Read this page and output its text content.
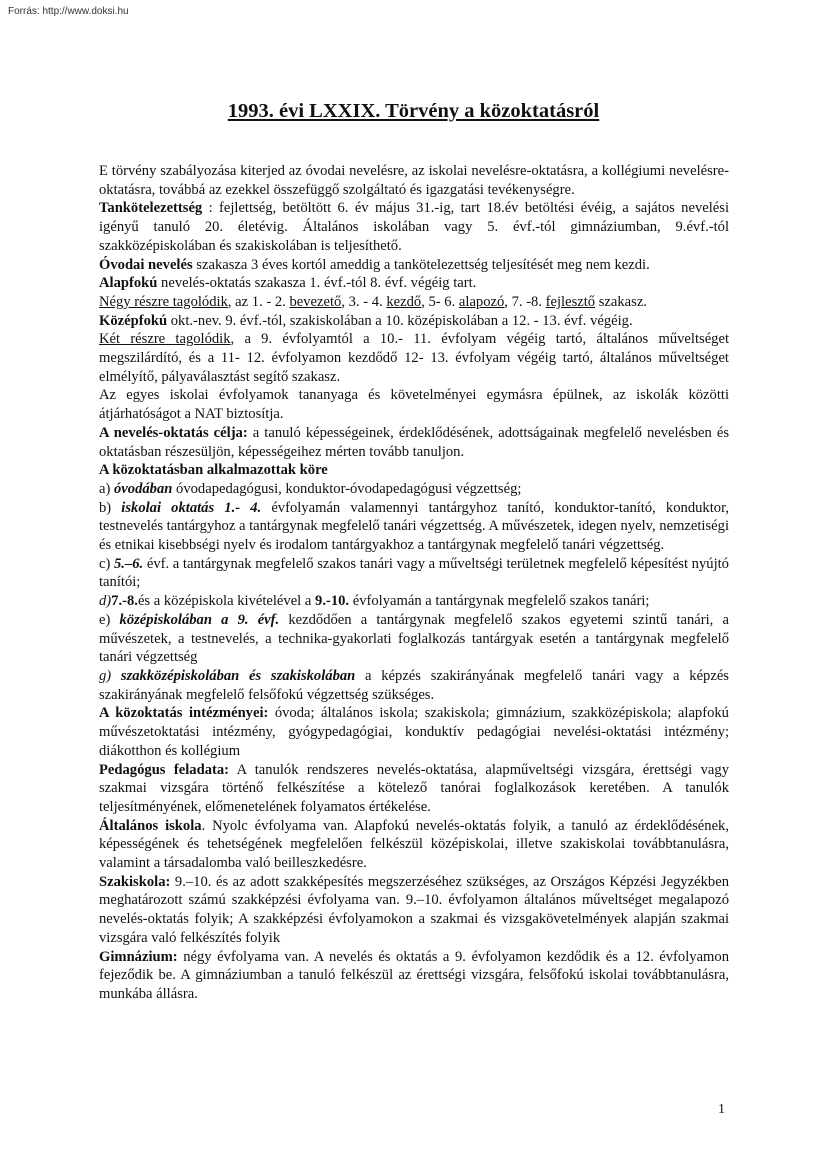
Forrás: http://www.doksi.hu
1993. évi LXXIX. Törvény a közoktatásról

E törvény szabályozása kiterjed az óvodai nevelésre, az iskolai nevelésre-oktatásra, a kollégiumi nevelésre-oktatásra, továbbá az ezekkel összefüggő szolgáltató és igazgatási tevékenységre.

Tankötelezettség : fejlettség, betöltött 6. év május 31.-ig, tart 18.év betöltési évéig, a sajátos nevelési igényű tanuló 20. életévig. Általános iskolában vagy 5. évf.-tól gimnáziumban, 9.évf.-tól szakközépiskolában és szakiskolában is teljesíthető.

Óvodai nevelés szakasza 3 éves kortól ameddig a tankötelezettség teljesítését meg nem kezdi.

Alapfokú nevelés-oktatás szakasza 1. évf.-tól 8. évf. végéig tart.

Négy részre tagolódik, az 1. - 2. bevezető, 3. - 4. kezdő, 5- 6. alapozó, 7. -8. fejlesztő szakasz.

Középfokú okt.-nev. 9. évf.-tól, szakiskolában a 10. középiskolában a 12. - 13. évf. végéig.

Két részre tagolódik, a 9. évfolyamtól a 10.- 11. évfolyam végéig tartó, általános műveltséget megszilárdító, és a 11- 12. évfolyamon kezdődő 12- 13. évfolyam végéig tartó, általános műveltséget elmélyítő, pályaválasztást segítő szakasz.

Az egyes iskolai évfolyamok tananyaga és követelményei egymásra épülnek, az iskolák közötti átjárhatóságot a NAT biztosítja.

A nevelés-oktatás célja: a tanuló képességeinek, érdeklődésének, adottságainak megfelelő nevelésben és oktatásban részesüljön, képességeihez mérten tovább tanuljon.

A közoktatásban alkalmazottak köre

a) óvodában óvodapedagógusi, konduktor-óvodapedagógusi végzettség;

b) iskolai oktatás 1.- 4. évfolyamán valamennyi tantárgyhoz tanító, konduktor-tanító, konduktor, testnevelés tantárgyhoz a tantárgynak megfelelő tanári végzettség. A művészetek, idegen nyelv, nemzetiségi és etnikai kisebbségi nyelv és irodalom tantárgyakhoz a tantárgynak megfelelő tanári végzettség.

c) 5.–6. évf. a tantárgynak megfelelő szakos tanári vagy a műveltségi területnek megfelelő képesítést nyújtó tanítói;

d)7.-8.és a középiskola kivételével a 9.-10. évfolyamán a tantárgynak megfelelő szakos tanári;

e) középiskolában a 9. évf. kezdődően a tantárgynak megfelelő szakos egyetemi szintű tanári, a művészetek, a testnevelés, a technika-gyakorlati foglalkozás tantárgyak esetén a tantárgynak megfelelő tanári végzettség

g) szakközépiskolában és szakiskolában a képzés szakirányának megfelelő tanári vagy a képzés szakirányának megfelelő felsőfokú végzettség szükséges.

A közoktatás intézményei: óvoda; általános iskola; szakiskola; gimnázium, szakközépiskola; alapfokú művészetoktatási intézmény, gyógypedagógiai, konduktív pedagógiai nevelési-oktatási intézmény; diákotthon és kollégium

Pedagógus feladata: A tanulók rendszeres nevelés-oktatása, alapműveltségi vizsgára, érettségi vagy szakmai vizsgára történő felkészítése a kötelező tanórai foglalkozások keretében. A tanulók teljesítményének, előmenetelének folyamatos értékelése.

Általános iskola. Nyolc évfolyama van. Alapfokú nevelés-oktatás folyik, a tanuló az érdeklődésének, képességének és tehetségének megfelelően felkészül középiskolai, illetve szakiskolai továbbtanulásra, valamint a társadalomba való beilleszkedésre.

Szakiskola: 9.–10. és az adott szakképesítés megszerzéséhez szükséges, az Országos Képzési Jegyzékben meghatározott számú szakképzési évfolyama van. 9.–10. évfolyamon általános műveltséget megalapozó nevelés-oktatás folyik; A szakképzési évfolyamokon a szakmai és vizsgakövetelmények alapján szakmai vizsgára való felkészítés folyik

Gimnázium: négy évfolyama van. A nevelés és oktatás a 9. évfolyamon kezdődik és a 12. évfolyamon fejeződik be. A gimnáziumban a tanuló felkészül az érettségi vizsgára, felsőfokú iskolai továbbtanulásra, munkába állásra.

1
